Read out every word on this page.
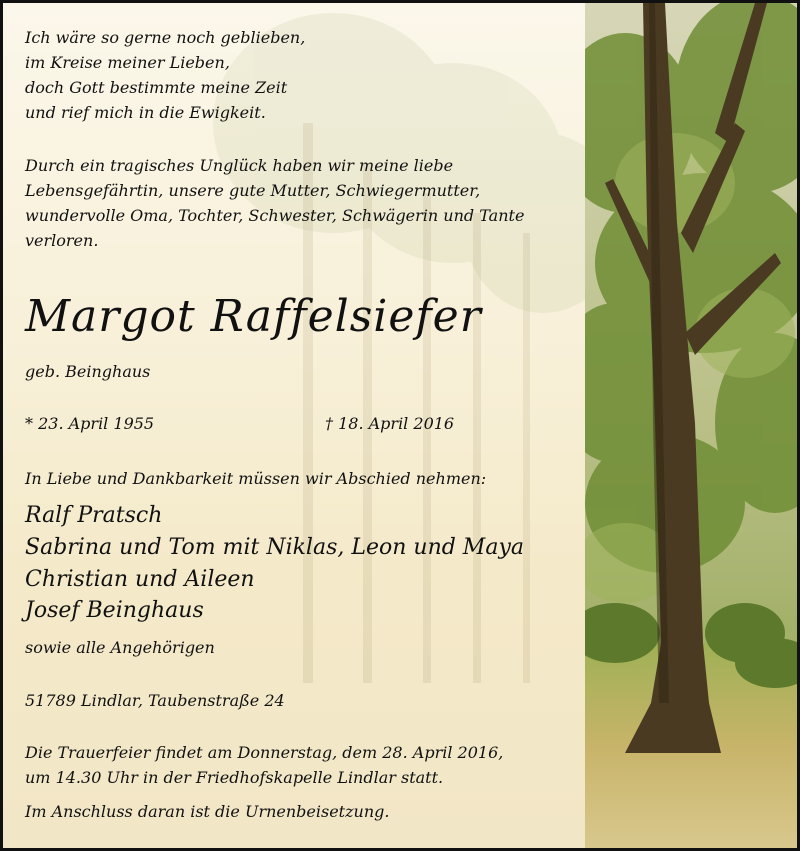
Ich wäre so gerne noch geblieben,
im Kreise meiner Lieben,
doch Gott bestimmte meine Zeit
und rief mich in die Ewigkeit.
Durch ein tragisches Unglück haben wir meine liebe
Lebensgefährtin, unsere gute Mutter, Schwiegermutter,
wundervolle Oma, Tochter, Schwester, Schwägerin und Tante
verloren.
Margot Raffelsiefer
geb. Beinghaus
* 23. April 1955	† 18. April 2016
In Liebe und Dankbarkeit müssen wir Abschied nehmen:
Ralf Pratsch
Sabrina und Tom mit Niklas, Leon und Maya
Christian und Aileen
Josef Beinghaus
sowie alle Angehörigen
51789 Lindlar, Taubenstraße 24
Die Trauerfeier findet am Donnerstag, dem 28. April 2016,
um 14.30 Uhr in der Friedhofskapelle Lindlar statt.
Im Anschluss daran ist die Urnenbeisetzung.
